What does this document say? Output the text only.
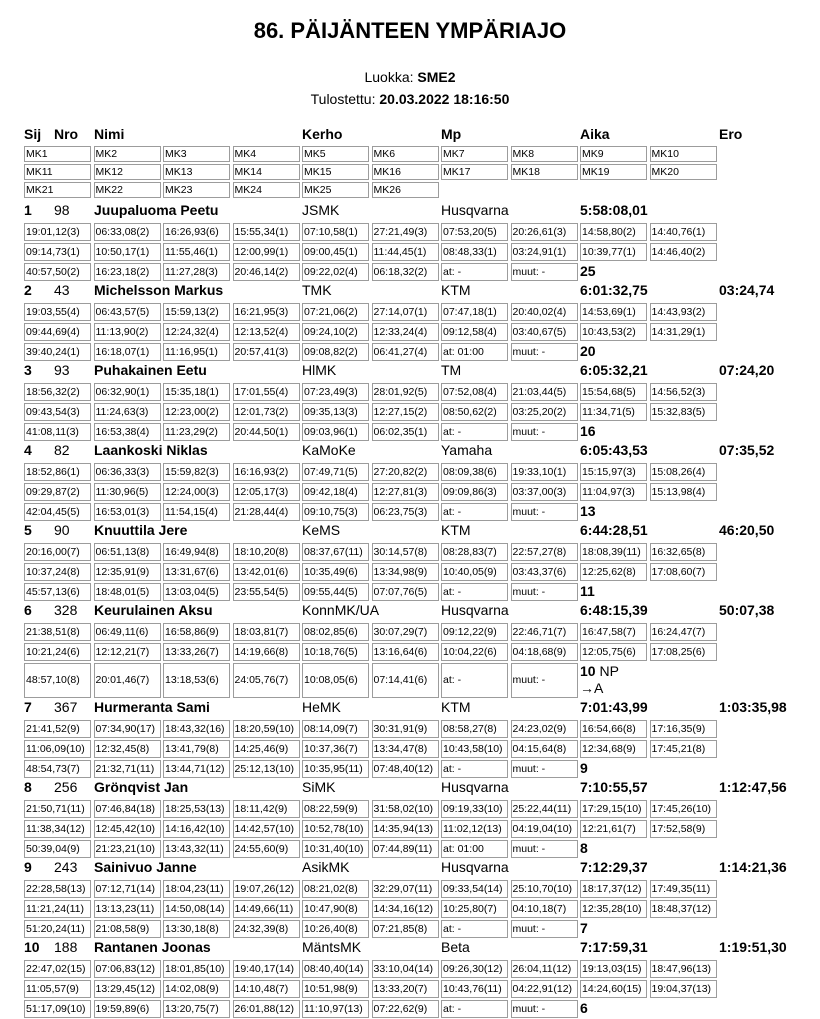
86. PÄIJÄNTEEN YMPÄRIAJO
Luokka: SME2
Tulostettu: 20.03.2022 18:16:50
Sij Nro Nimi	Kerho	Mp	Aika	Ero
MK1	MK2	MK3	MK4	MK5	MK6	MK7	MK8	MK9	MK10
MK11	MK12	MK13	MK14	MK15	MK16	MK17	MK18	MK19	MK20
MK21	MK22	MK23	MK24	MK25	MK26
1 98 Juupaluoma Peetu	JSMK	Husqvarna	5:58:08,01
19:01,12(3)	06:33,08(2)	16:26,93(6)	15:55,34(1)	07:10,58(1)	27:21,49(3)	07:53,20(5)	20:26,61(3)	14:58,80(2)	14:40,76(1)
09:14,73(1)	10:50,17(1)	11:55,46(1)	12:00,99(1)	09:00,45(1)	11:44,45(1)	08:48,33(1)	03:24,91(1)	10:39,77(1)	14:46,40(2)
40:57,50(2)	16:23,18(2)	11:27,28(3)	20:46,14(2)	09:22,02(4)	06:18,32(2)	at: -	muut: -	25
2 43 Michelsson Markus	TMK	KTM	6:01:32,75	03:24,74
19:03,55(4)	06:43,57(5)	15:59,13(2)	16:21,95(3)	07:21,06(2)	27:14,07(1)	07:47,18(1)	20:40,02(4)	14:53,69(1)	14:43,93(2)
09:44,69(4)	11:13,90(2)	12:24,32(4)	12:13,52(4)	09:24,10(2)	12:33,24(4)	09:12,58(4)	03:40,67(5)	10:43,53(2)	14:31,29(1)
39:40,24(1)	16:18,07(1)	11:16,95(1)	20:57,41(3)	09:08,82(2)	06:41,27(4)	at: 01:00	muut: -	20
3 93 Puhakainen Eetu	HlMK	TM	6:05:32,21	07:24,20
18:56,32(2)	06:32,90(1)	15:35,18(1)	17:01,55(4)	07:23,49(3)	28:01,92(5)	07:52,08(4)	21:03,44(5)	15:54,68(5)	14:56,52(3)
09:43,54(3)	11:24,63(3)	12:23,00(2)	12:01,73(2)	09:35,13(3)	12:27,15(2)	08:50,62(2)	03:25,20(2)	11:34,71(5)	15:32,83(5)
41:08,11(3)	16:53,38(4)	11:23,29(2)	20:44,50(1)	09:03,96(1)	06:02,35(1)	at: -	muut: -	16
4 82 Laankoski Niklas	KaMoKe	Yamaha	6:05:43,53	07:35,52
18:52,86(1)	06:36,33(3)	15:59,82(3)	16:16,93(2)	07:49,71(5)	27:20,82(2)	08:09,38(6)	19:33,10(1)	15:15,97(3)	15:08,26(4)
09:29,87(2)	11:30,96(5)	12:24,00(3)	12:05,17(3)	09:42,18(4)	12:27,81(3)	09:09,86(3)	03:37,00(3)	11:04,97(3)	15:13,98(4)
42:04,45(5)	16:53,01(3)	11:54,15(4)	21:28,44(4)	09:10,75(3)	06:23,75(3)	at: -	muut: -	13
5 90 Knuuttila Jere	KeMS	KTM	6:44:28,51	46:20,50
20:16,00(7)	06:51,13(8)	16:49,94(8)	18:10,20(8)	08:37,67(11)	30:14,57(8)	08:28,83(7)	22:57,27(8)	18:08,39(11)	16:32,65(8)
10:37,24(8)	12:35,91(9)	13:31,67(6)	13:42,01(6)	10:35,49(6)	13:34,98(9)	10:40,05(9)	03:43,37(6)	12:25,62(8)	17:08,60(7)
45:57,13(6)	18:48,01(5)	13:03,04(5)	23:55,54(5)	09:55,44(5)	07:07,76(5)	at: -	muut: -	11
6 328 Keurulainen Aksu	KonnMK/UA	Husqvarna	6:48:15,39	50:07,38
21:38,51(8)	06:49,11(6)	16:58,86(9)	18:03,81(7)	08:02,85(6)	30:07,29(7)	09:12,22(9)	22:46,71(7)	16:47,58(7)	16:24,47(7)
10:21,24(6)	12:12,21(7)	13:33,26(7)	14:19,66(8)	10:18,76(5)	13:16,64(6)	10:04,22(6)	04:18,68(9)	12:05,75(6)	17:08,25(6)
48:57,10(8)	20:01,46(7)	13:18,53(6)	24:05,76(7)	10:08,05(6)	07:14,41(6)	at: -	muut: -
10 NP
→A
7 367 Hurmeranta Sami	HeMK	KTM	7:01:43,99	1:03:35,98
21:41,52(9)	07:34,90(17) 18:43,32(16) 18:20,59(10) 08:14,09(7)	30:31,91(9)	08:58,27(8)	24:23,02(9)	16:54,66(8)	17:16,35(9)
11:06,09(10)	12:32,45(8)	13:41,79(8)	14:25,46(9)	10:37,36(7)	13:34,47(8)	10:43,58(10) 04:15,64(8)	12:34,68(9)	17:45,21(8)
48:54,73(7)	21:32,71(11)	13:44,71(12) 25:12,13(10) 10:35,95(11)	07:48,40(12) at: -	muut: -	9
8 256 Grönqvist Jan	SiMK	Husqvarna	7:10:55,57	1:12:47,56
21:50,71(11)	07:46,84(18) 18:25,53(13) 18:11,42(9)	08:22,59(9)	31:58,02(10) 09:19,33(10) 25:22,44(11)	17:29,15(10) 17:45,26(10)
11:38,34(12)	12:45,42(10) 14:16,42(10) 14:42,57(10) 10:52,78(10) 14:35,94(13) 11:02,12(13)	04:19,04(10) 12:21,61(7)	17:52,58(9)
50:39,04(9)	21:23,21(10) 13:43,32(11)	24:55,60(9)	10:31,40(10) 07:44,89(11)	at: 01:00	muut: -	8
9 243 Sainivuo Janne	AsikMK	Husqvarna	7:12:29,37	1:14:21,36
22:28,58(13) 07:12,71(14) 18:04,23(11)	19:07,26(12) 08:21,02(8)	32:29,07(11)	09:33,54(14) 25:10,70(10) 18:17,37(12) 17:49,35(11)
11:21,24(11)	13:13,23(11)	14:50,08(14) 14:49,66(11)	10:47,90(8)	14:34,16(12) 10:25,80(7)	04:10,18(7)	12:35,28(10) 18:48,37(12)
51:20,24(11)	21:08,58(9)	13:30,18(8)	24:32,39(8)	10:26,40(8)	07:21,85(8)	at: -	muut: -	7
10 188 Rantanen Joonas	MäntsMK	Beta	7:17:59,31	1:19:51,30
22:47,02(15) 07:06,83(12) 18:01,85(10) 19:40,17(14) 08:40,40(14) 33:10,04(14) 09:26,30(12) 26:04,11(12)	19:13,03(15) 18:47,96(13)
11:05,57(9)	13:29,45(12) 14:02,08(9)	14:10,48(7)	10:51,98(9)	13:33,20(7)	10:43,76(11)	04:22,91(12) 14:24,60(15) 19:04,37(13)
51:17,09(10) 19:59,89(6)	13:20,75(7)	26:01,88(12) 11:10,97(13)	07:22,62(9)	at: -	muut: -	6
